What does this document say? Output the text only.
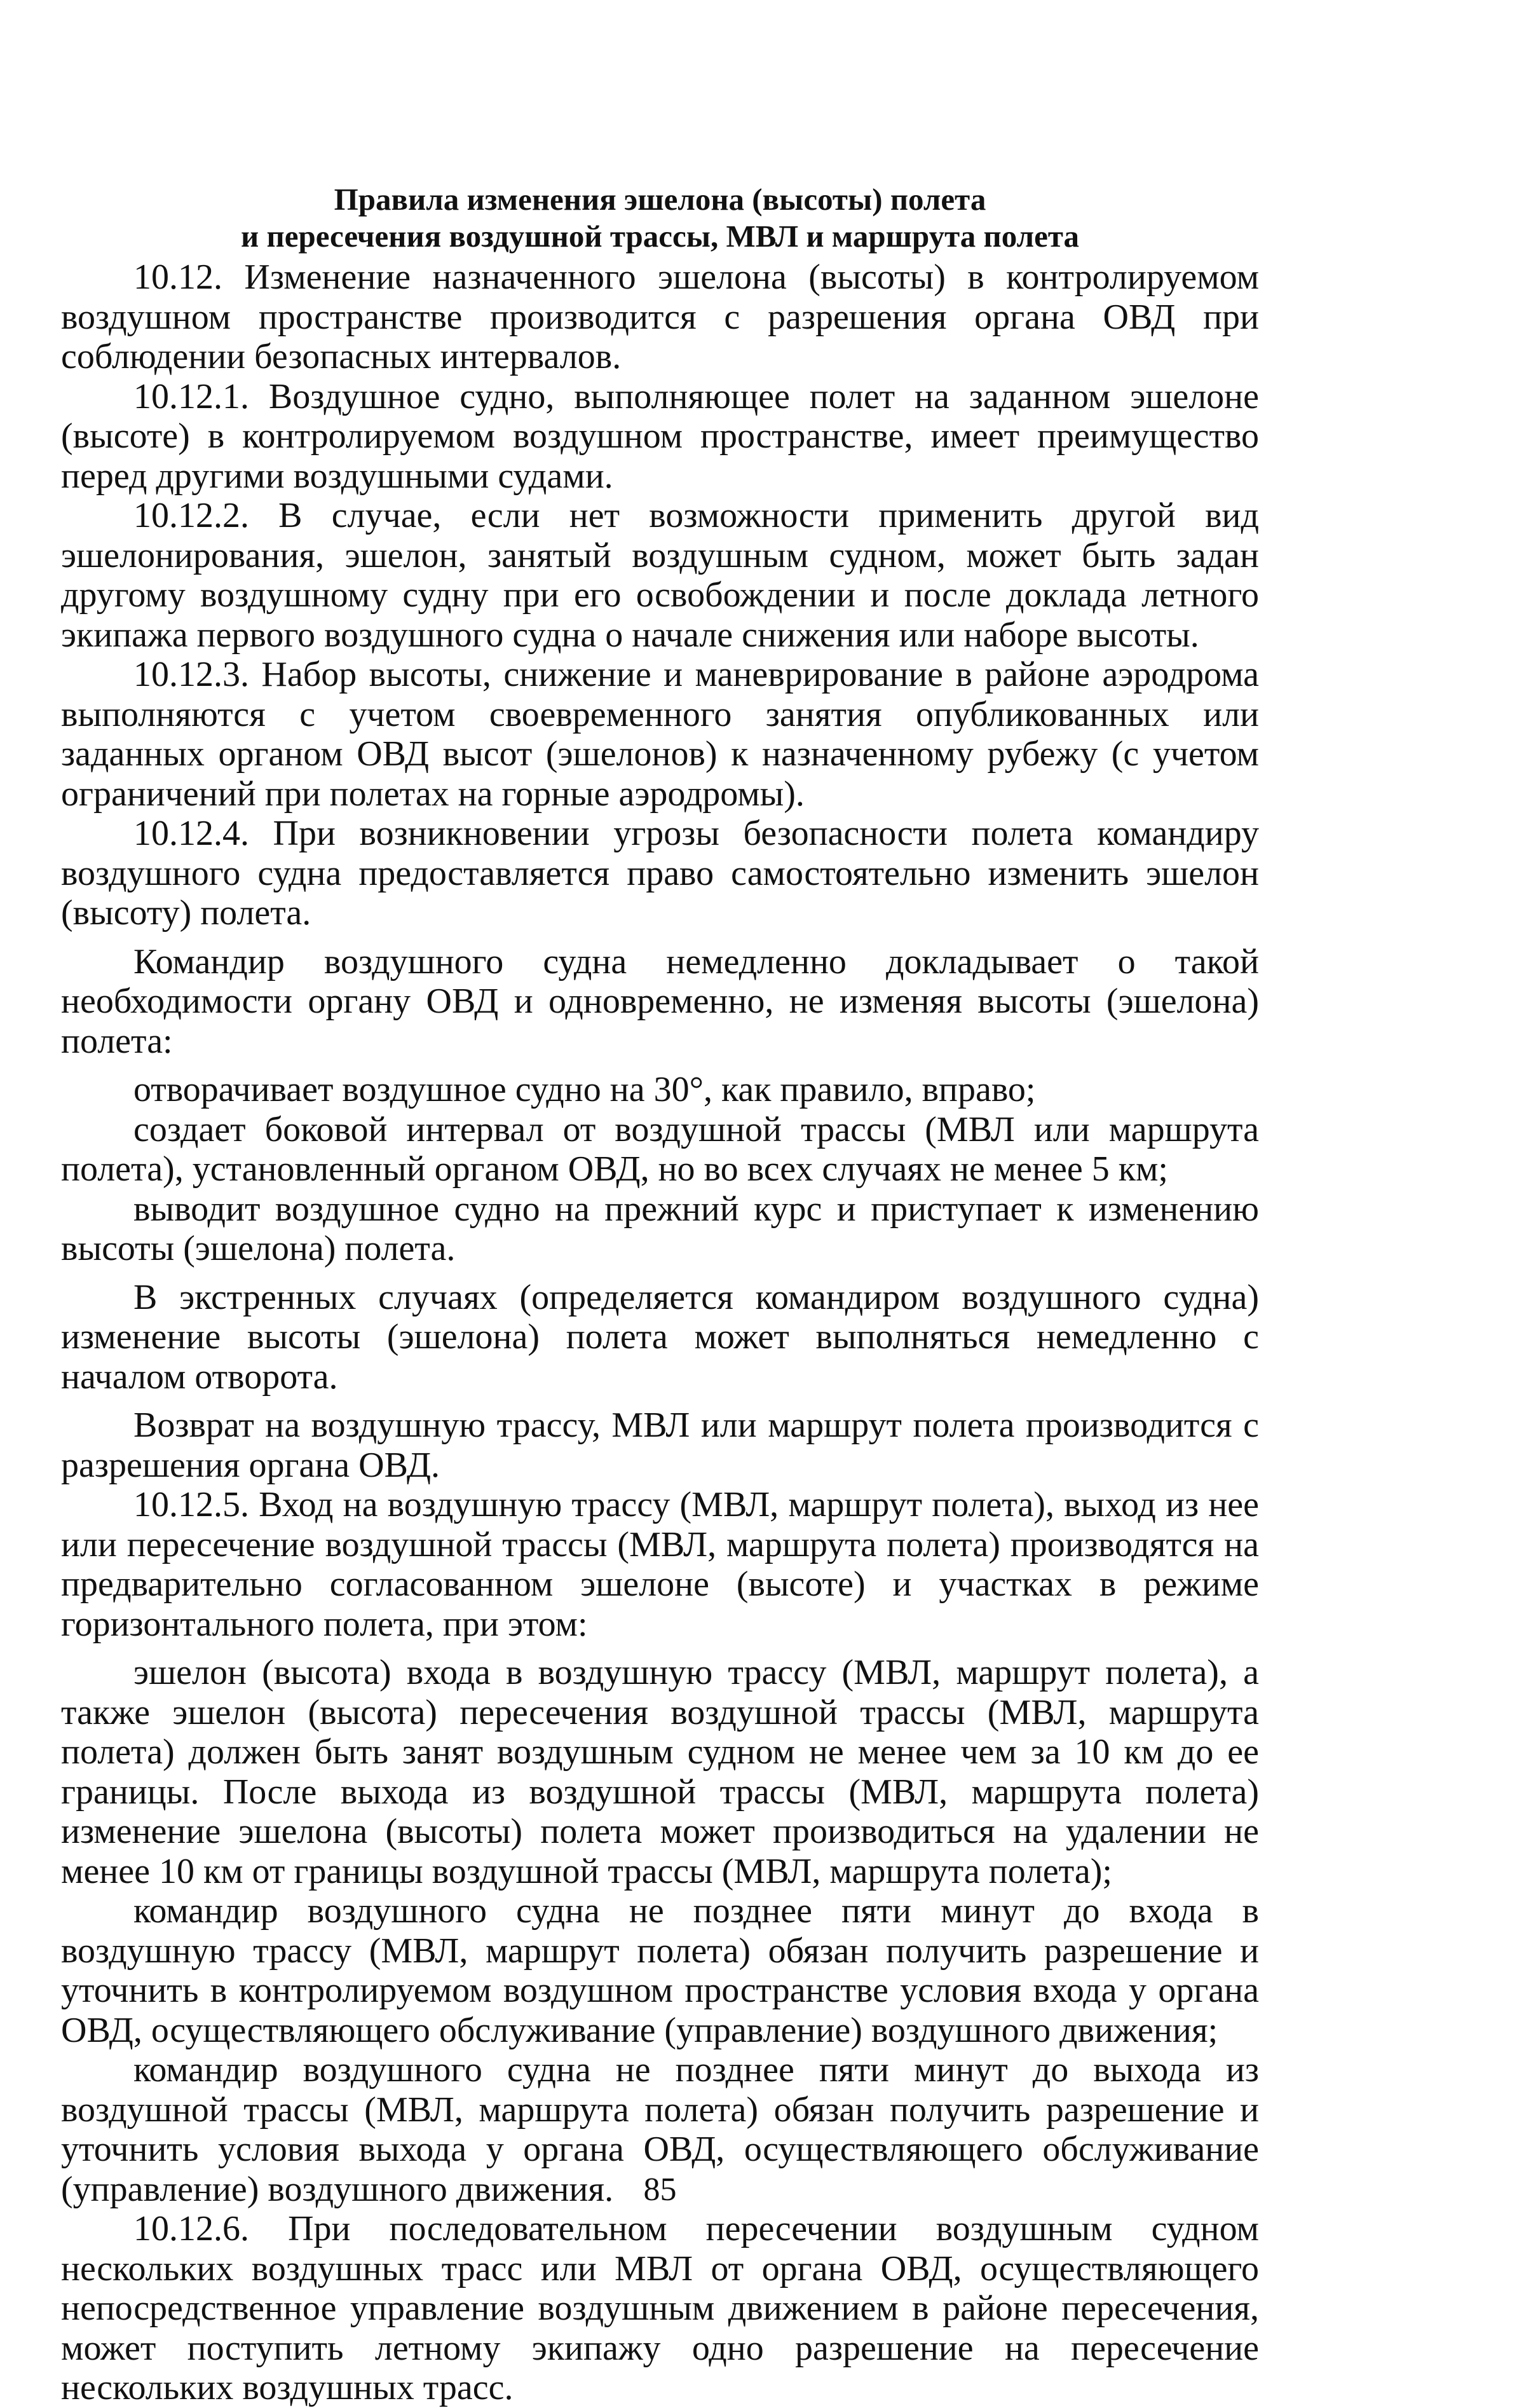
Правила изменения эшелона (высоты) полета
и пересечения воздушной трассы, МВЛ и маршрута полета

10.12. Изменение назначенного эшелона (высоты) в контролируемом воздушном пространстве производится с разрешения органа ОВД при соблюдении безопасных интервалов.

10.12.1. Воздушное судно, выполняющее полет на заданном эшелоне (высоте) в контролируемом воздушном пространстве, имеет преимущество перед другими воздушными судами.

10.12.2. В случае, если нет возможности применить другой вид эшелонирования, эшелон, занятый воздушным судном, может быть задан другому воздушному судну при его освобождении и после доклада летного экипажа первого воздушного судна о начале снижения или наборе высоты.

10.12.3. Набор высоты, снижение и маневрирование в районе аэродрома выполняются с учетом своевременного занятия опубликованных или заданных органом ОВД высот (эшелонов) к назначенному рубежу (с учетом ограничений при полетах на горные аэродромы).

10.12.4. При возникновении угрозы безопасности полета командиру воздушного судна предоставляется право самостоятельно изменить эшелон (высоту) полета.

Командир воздушного судна немедленно докладывает о такой необходимости органу ОВД и одновременно, не изменяя высоты (эшелона) полета:

отворачивает воздушное судно на 30°, как правило, вправо;

создает боковой интервал от воздушной трассы (МВЛ или маршрута полета), установленный органом ОВД, но во всех случаях не менее 5 км;

выводит воздушное судно на прежний курс и приступает к изменению высоты (эшелона) полета.

В экстренных случаях (определяется командиром воздушного судна) изменение высоты (эшелона) полета может выполняться немедленно с началом отворота.

Возврат на воздушную трассу, МВЛ или маршрут полета производится с разрешения органа ОВД.

10.12.5. Вход на воздушную трассу (МВЛ, маршрут полета), выход из нее или пересечение воздушной трассы (МВЛ, маршрута полета) производятся на предварительно согласованном эшелоне (высоте) и участках в режиме горизонтального полета, при этом:

эшелон (высота) входа в воздушную трассу (МВЛ, маршрут полета), а также эшелон (высота) пересечения воздушной трассы (МВЛ, маршрута полета) должен быть занят воздушным судном не менее чем за 10 км до ее границы. После выхода из воздушной трассы (МВЛ, маршрута полета) изменение эшелона (высоты) полета может производиться на удалении не менее 10 км от границы воздушной трассы (МВЛ, маршрута полета);

командир воздушного судна не позднее пяти минут до входа в воздушную трассу (МВЛ, маршрут полета) обязан получить разрешение и уточнить в контролируемом воздушном пространстве условия входа у органа ОВД, осуществляющего обслуживание (управление) воздушного движения;

командир воздушного судна не позднее пяти минут до выхода из воздушной трассы (МВЛ, маршрута полета) обязан получить разрешение и уточнить условия выхода у органа ОВД, осуществляющего обслуживание (управление) воздушного движения.

10.12.6. При последовательном пересечении воздушным судном нескольких воздушных трасс или МВЛ от органа ОВД, осуществляющего непосредственное управление воздушным движением в районе пересечения, может поступить летному экипажу одно разрешение на пересечение нескольких воздушных трасс.

85
